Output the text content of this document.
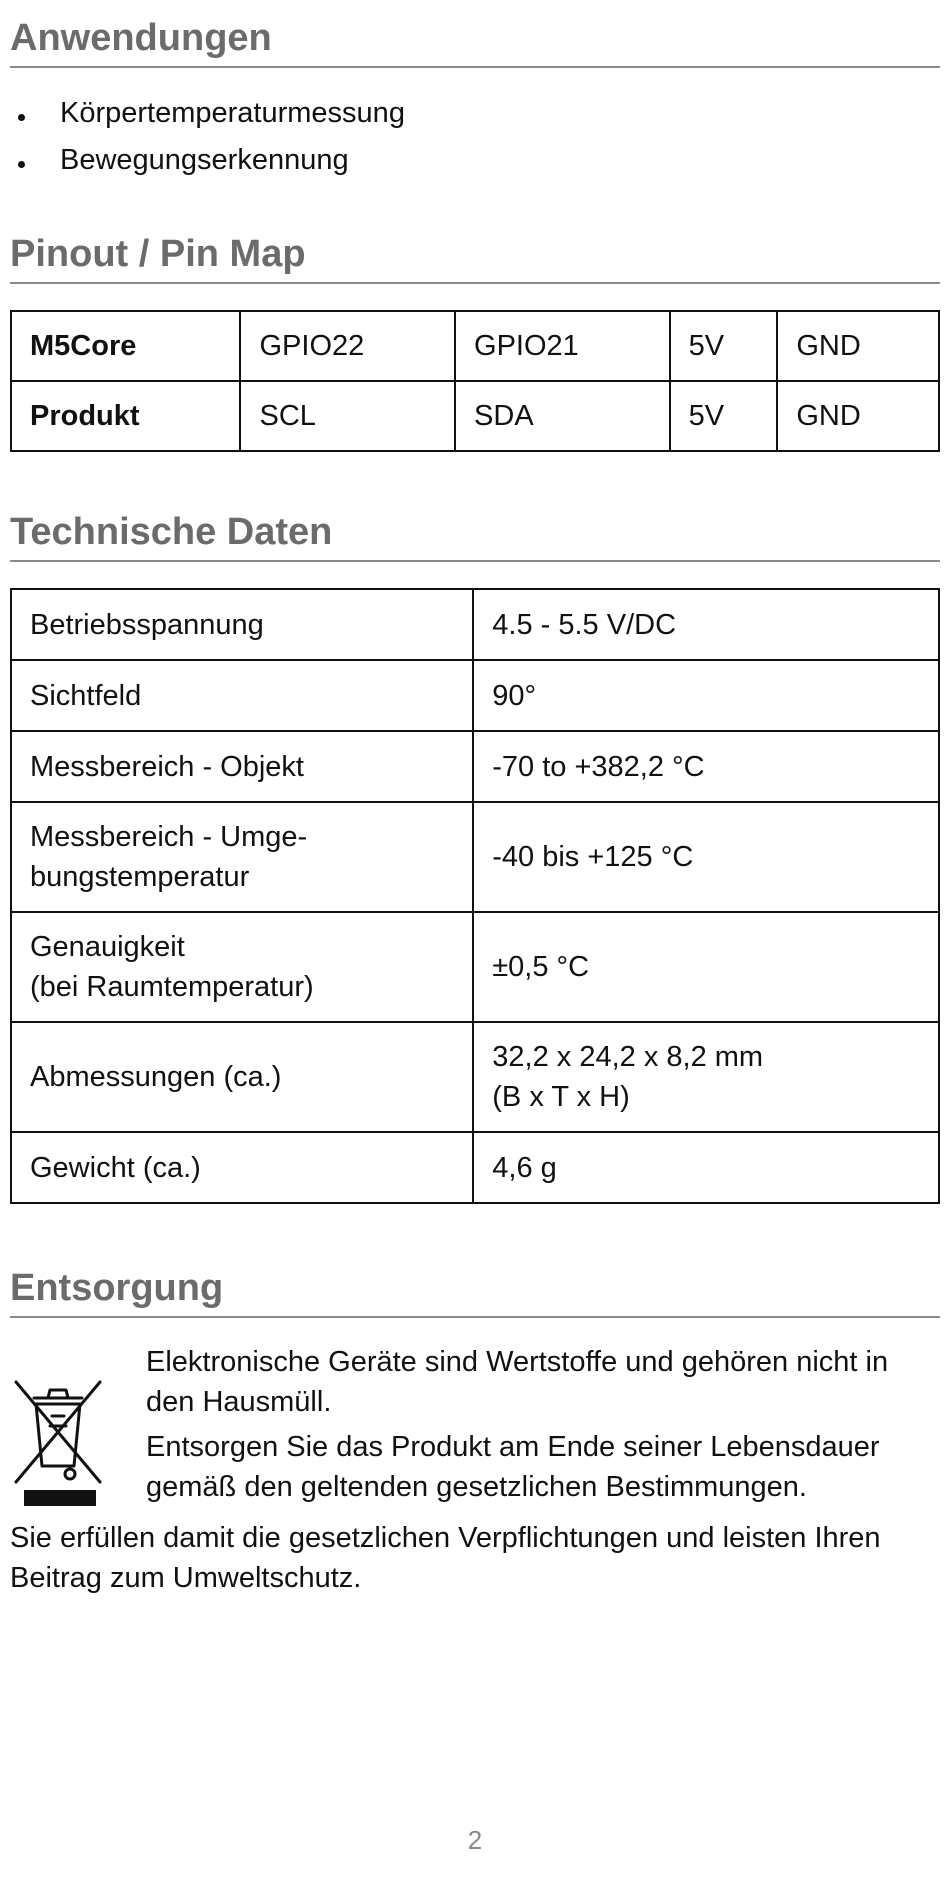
Anwendungen
Körpertemperaturmessung
Bewegungserkennung
Pinout / Pin Map
M5Core	GPIO22	GPIO21	5V	GND
Produkt	SCL	SDA	5V	GND
Technische Daten
Betriebsspannung	4.5 - 5.5 V/DC
Sichtfeld	90°
Messbereich - Objekt	-70 to +382,2 °C
Messbereich - Umge-
bungstemperatur	-40 bis +125 °C
Genauigkeit
(bei Raumtemperatur)	±0,5 °C
Abmessungen (ca.)	32,2 x 24,2 x 8,2 mm
(B x T x H)
Gewicht (ca.)	4,6 g
Entsorgung

Elektronische Geräte sind Wertstoffe und gehören nicht in den Hausmüll.

Entsorgen Sie das Produkt am Ende seiner Lebensdauer gemäß den geltenden gesetzlichen Bestimmungen.

Sie erfüllen damit die gesetzlichen Verpflichtungen und leisten Ihren Beitrag zum Umweltschutz.

2
